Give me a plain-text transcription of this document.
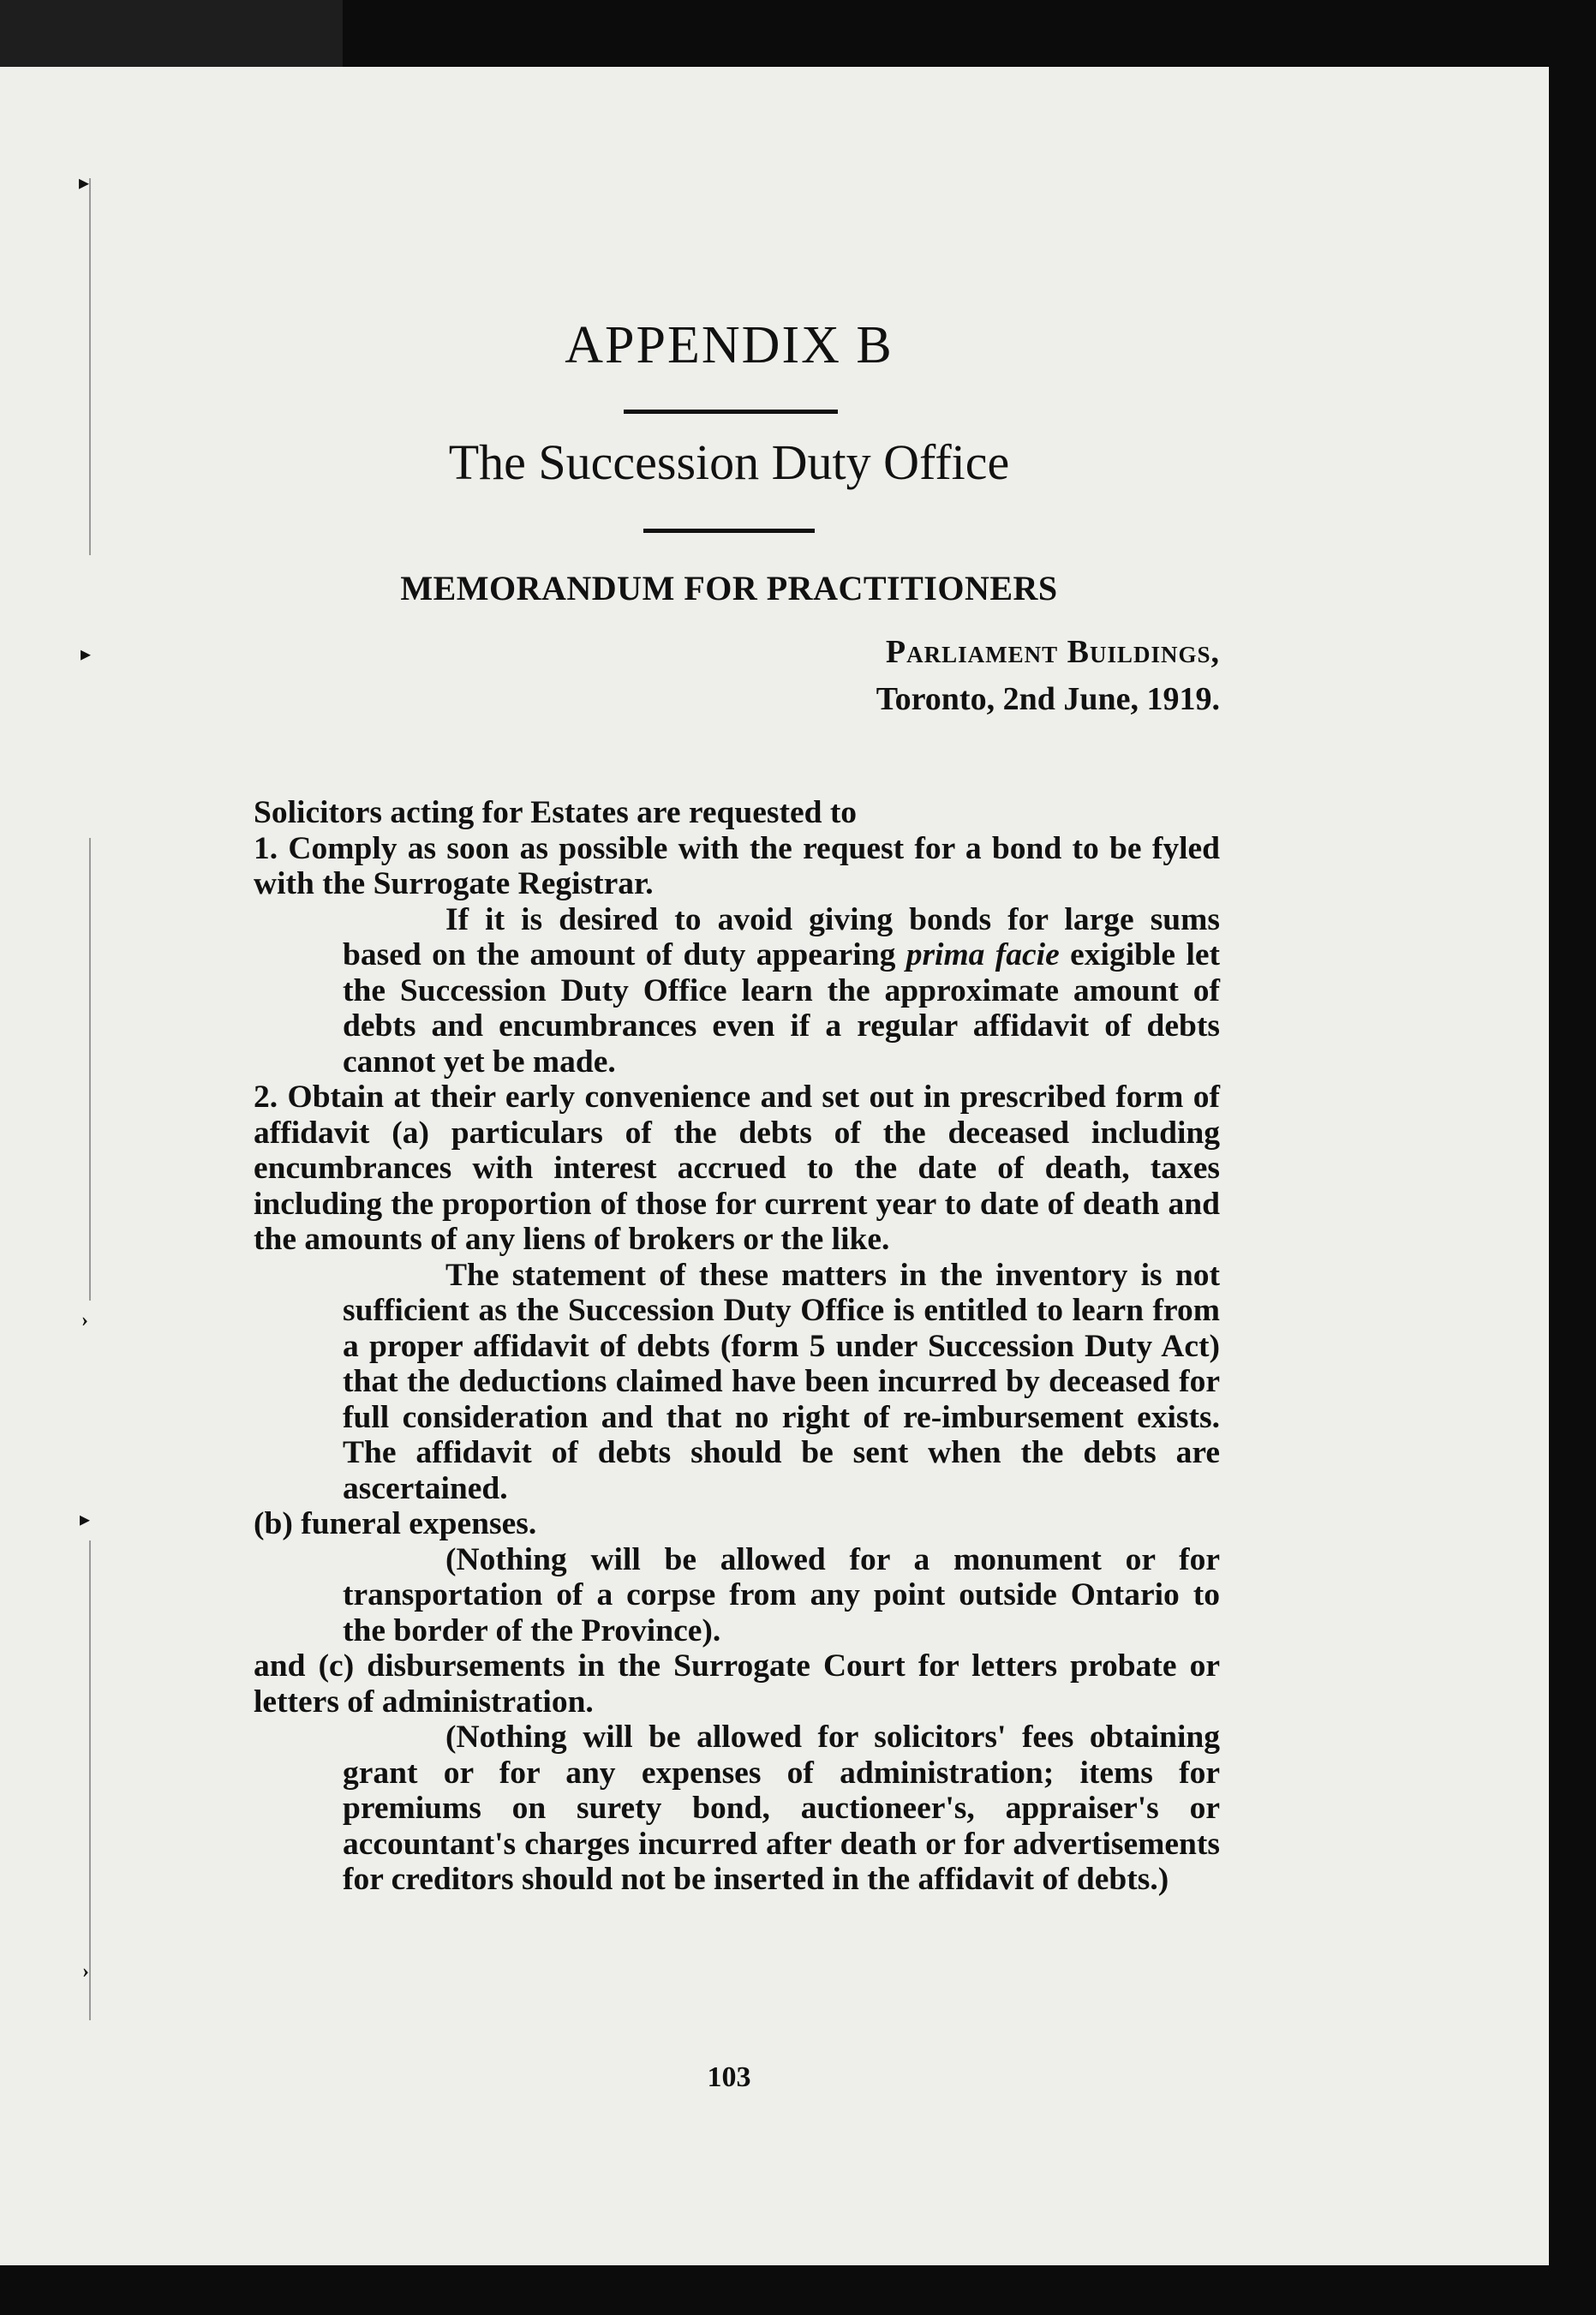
▸
▸
›
▸
›
APPENDIX B
The Succession Duty Office
MEMORANDUM FOR PRACTITIONERS
Parliament Buildings,
Toronto, 2nd June, 1919.

Solicitors acting for Estates are requested to

1. Comply as soon as possible with the request for a bond to be fyled with the Surrogate Registrar.

If it is desired to avoid giving bonds for large sums based on the amount of duty appearing prima facie exigible let the Succession Duty Office learn the approximate amount of debts and encumbrances even if a regular affidavit of debts cannot yet be made.

2. Obtain at their early convenience and set out in prescribed form of affidavit (a) particulars of the debts of the deceased including encumbrances with interest accrued to the date of death, taxes including the proportion of those for current year to date of death and the amounts of any liens of brokers or the like.

The statement of these matters in the inventory is not sufficient as the Succession Duty Office is entitled to learn from a proper affidavit of debts (form 5 under Succession Duty Act) that the deductions claimed have been incurred by deceased for full consideration and that no right of re-imbursement exists. The affidavit of debts should be sent when the debts are ascertained.

(b) funeral expenses.

(Nothing will be allowed for a monument or for transportation of a corpse from any point outside Ontario to the border of the Province).

and (c) disbursements in the Surrogate Court for letters probate or letters of administration.

(Nothing will be allowed for solicitors' fees obtaining grant or for any expenses of administration; items for premiums on surety bond, auctioneer's, appraiser's or accountant's charges incurred after death or for advertisements for creditors should not be inserted in the affidavit of debts.)

103
